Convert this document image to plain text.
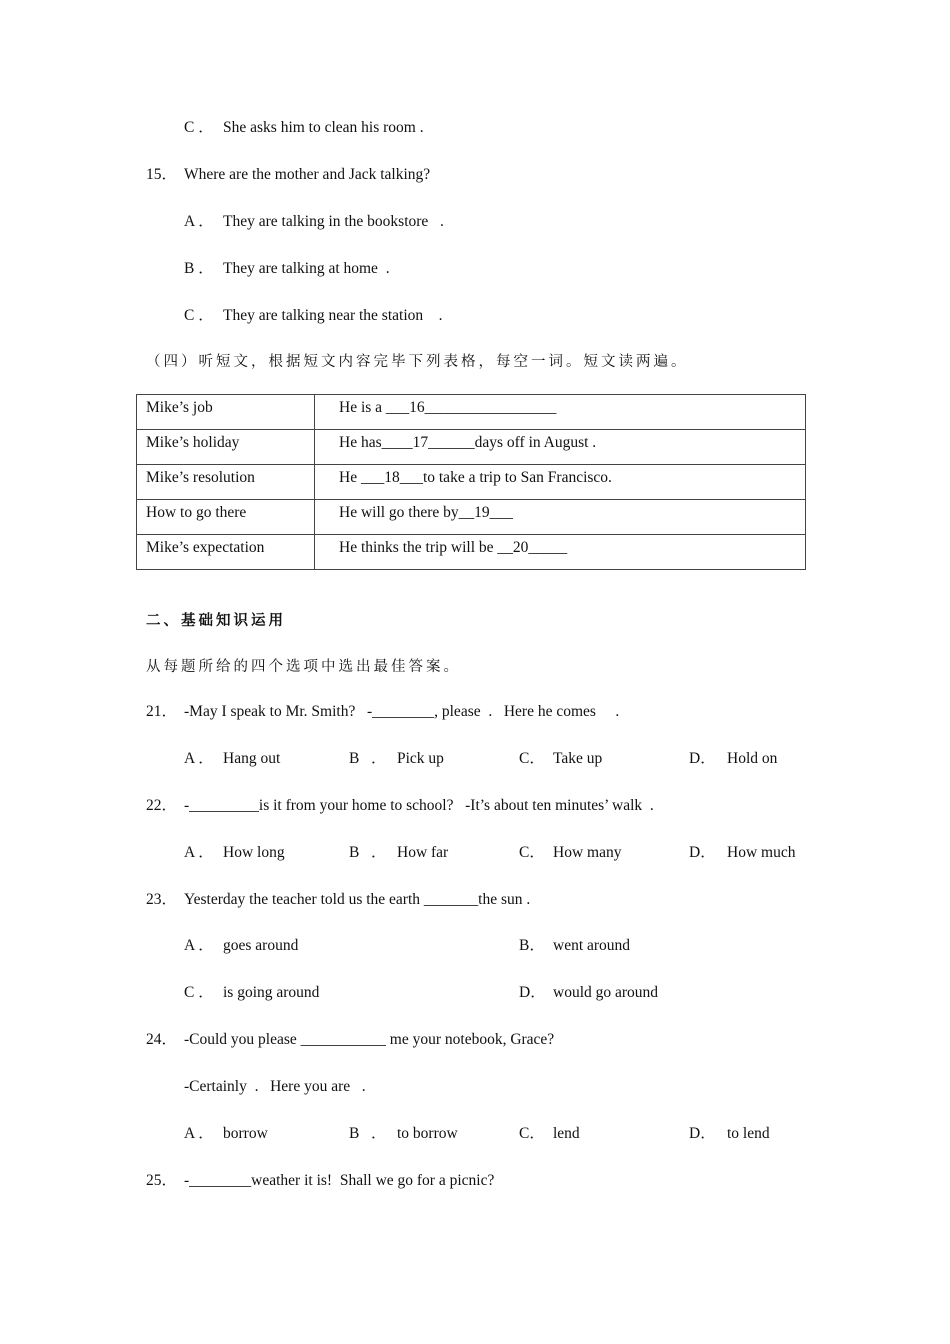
C ． She asks him to clean his room .
15． Where are the mother and Jack talking?
A ． They are talking in the bookstore   .
B ． They are talking at home  .
C ． They are talking near the station    .
（四）听短文，根据短文内容完毕下列表格，每空一词。短文读两遍。
Mike’s job	He is a ___16_________________
Mike’s holiday	He has____17______days off in August .
Mike’s resolution	He ___18___to take a trip to San Francisco.
How to go there	He will go there by__19___
Mike’s expectation	He thinks the trip will be __20_____
二、基础知识运用
从每题所给的四个选项中选出最佳答案。
21． -May I speak to Mr. Smith?   -________, please  .   Here he comes     .
A ． Hang out	B   ． Pick up	C． Take up	D． Hold on
22． -_________is it from your home to school?   -It’s about ten minutes’ walk  .
A ． How long	B   ． How far	C． How many	D． How much
23． Yesterday the teacher told us the earth _______the sun .
A ． goes around	B． went around
C ． is going around	D． would go around
24． -Could you please ___________ me your notebook, Grace?
-Certainly  .   Here you are   .
A ． borrow	B   ． to borrow	C． lend	D． to lend
25． -________weather it is!  Shall we go for a picnic?
